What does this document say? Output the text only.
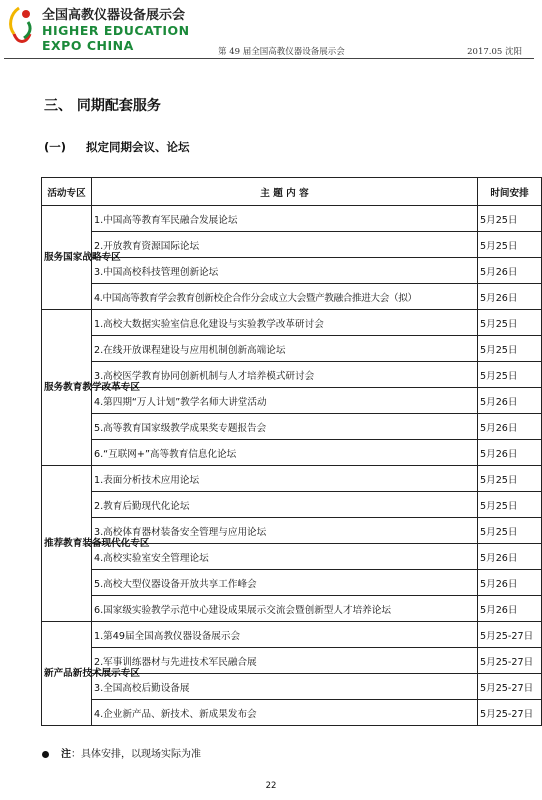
全国高教仪器设备展示会
HIGHER EDUCATION
EXPO CHINA	第 49 届全国高教仪器设备展示会	2017.05 沈阳
三、 同期配套服务
(一) 拟定同期会议、论坛
活动专区	主 题 内 容	时间安排
服务国家战略专区	1.中国高等教育军民融合发展论坛	5月25日
	2.开放教育资源国际论坛	5月25日
	3.中国高校科技管理创新论坛	5月26日
	4.中国高等教育学会教育创新校企合作分会成立大会暨产教融合推进大会（拟）	5月26日
服务教育教学改革专区	1.高校大数据实验室信息化建设与实验教学改革研讨会	5月25日
	2.在线开放课程建设与应用机制创新高端论坛	5月25日
	3.高校医学教育协同创新机制与人才培养模式研讨会	5月25日
	4.第四期“万人计划”教学名师大讲堂活动	5月26日
	5.高等教育国家级教学成果奖专题报告会	5月26日
	6.“互联网+”高等教育信息化论坛	5月26日
推荐教育装备现代化专区	1.表面分析技术应用论坛	5月25日
	2.教育后勤现代化论坛	5月25日
	3.高校体育器材装备安全管理与应用论坛	5月25日
	4.高校实验室安全管理论坛	5月26日
	5.高校大型仪器设备开放共享工作峰会	5月26日
	6.国家级实验教学示范中心建设成果展示交流会暨创新型人才培养论坛	5月26日
新产品新技术展示专区	1.第49届全国高教仪器设备展示会	5月25-27日
	2.军事训练器材与先进技术军民融合展	5月25-27日
	3.全国高校后勤设备展	5月25-27日
	4.企业新产品、新技术、新成果发布会	5月25-27日
注：具体安排，以现场实际为准
22
